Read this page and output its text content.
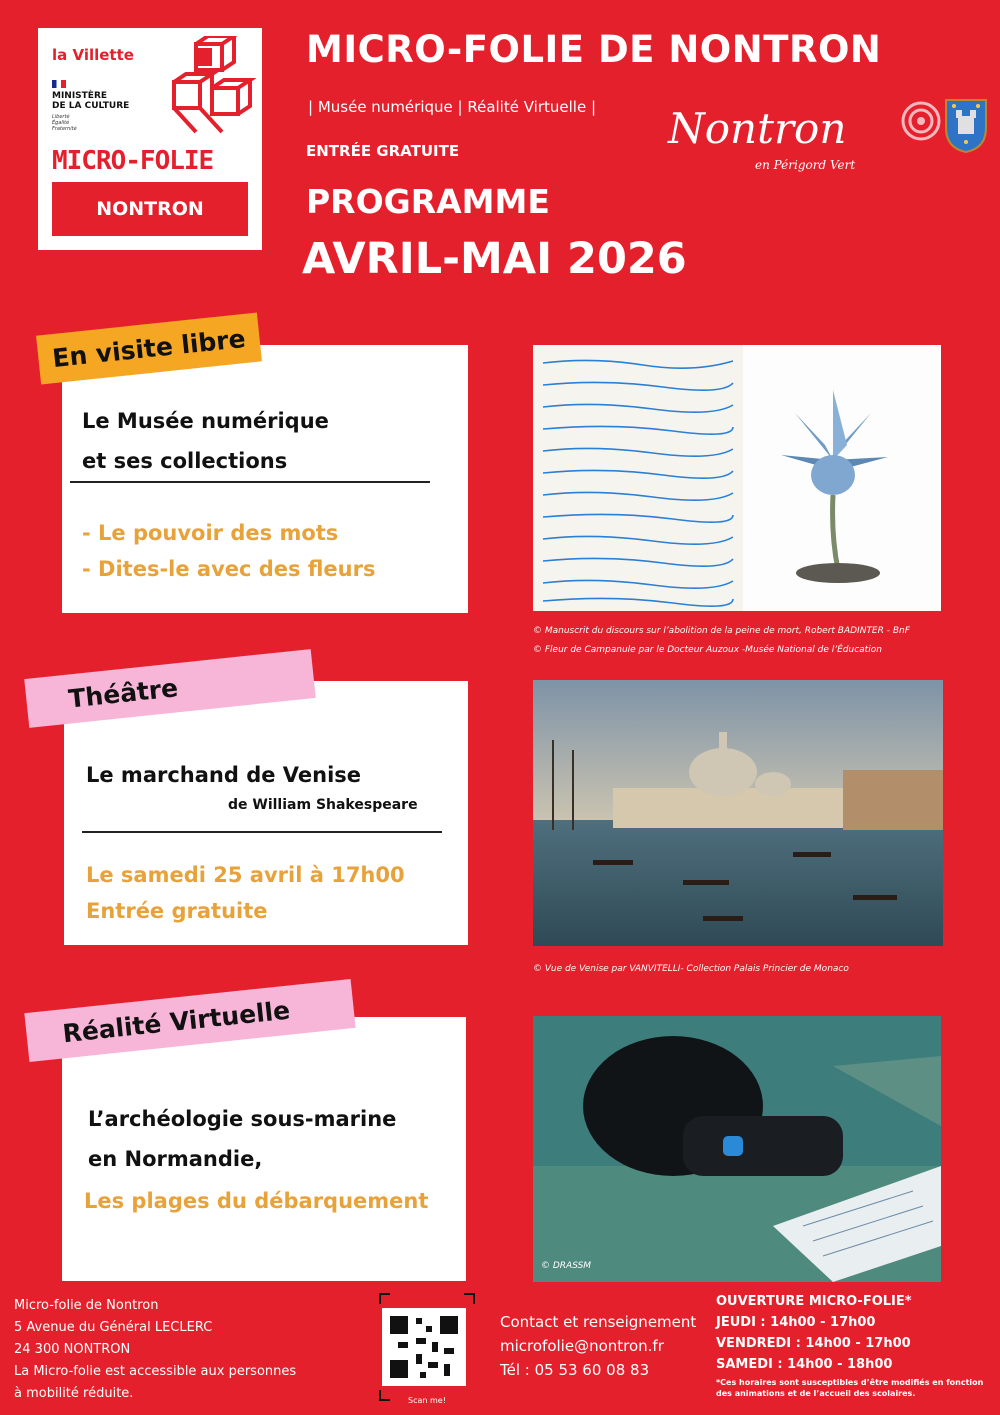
la Villette
MINISTÈRE
DE LA CULTURE
Liberté
Égalité
Fraternité
MICRO-FOLIE
NONTRON
MICRO-FOLIE DE NONTRON
| Musée numérique | Réalité Virtuelle |
ENTRÉE GRATUITE
PROGRAMME
AVRIL-MAI 2026
Nontron
en Périgord Vert
Le Musée numérique
et ses collections
- Le pouvoir des mots
- Dites-le avec des fleurs
En visite libre
© Manuscrit du discours sur l’abolition de la peine de mort, Robert BADINTER - BnF
© Fleur de Campanule par le Docteur Auzoux -Musée National de l’Éducation
Le marchand de Venise
de William Shakespeare
Le samedi 25 avril à 17h00
Entrée gratuite
Théâtre
© Vue de Venise par VANVITELLI- Collection Palais Princier de Monaco
L’archéologie sous-marine
en Normandie,
Les plages du débarquement
Réalité Virtuelle
© DRASSM
Micro-folie de Nontron
5 Avenue du Général LECLERC
24 300 NONTRON
La Micro-folie est accessible aux personnes
à mobilité réduite.	Scan me!
Contact et renseignement
microfolie@nontron.fr
Tél : 05 53 60 08 83
OUVERTURE MICRO-FOLIE*
JEUDI : 14h00 - 17h00
VENDREDI : 14h00 - 17h00
SAMEDI : 14h00 - 18h00
*Ces horaires sont susceptibles d’être modifiés en fonction des animations et de l’accueil des scolaires.
